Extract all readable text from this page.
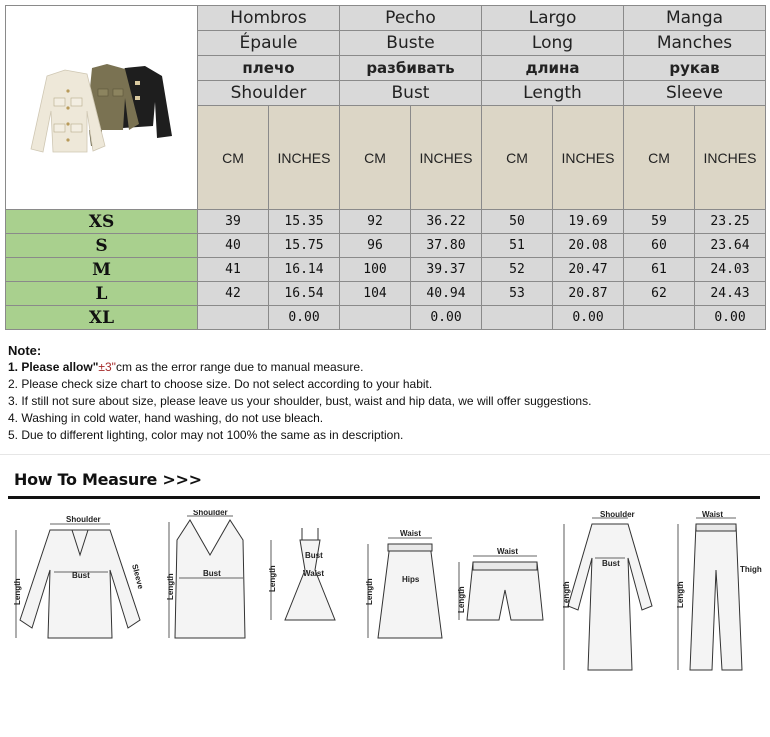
	Hombros		Pecho		Largo		Manga	
	Épaule		Buste		Long		Manches	
	плечо		разбивать		длина		рукав	
	Shoulder		Bust		Length		Sleeve	
	CM	INCHES	CM	INCHES	CM	INCHES	CM	INCHES
XS	39	15.35	92	36.22	50	19.69	59	23.25
S	40	15.75	96	37.80	51	20.08	60	23.64
M	41	16.14	100	39.37	52	20.47	61	24.03
L	42	16.54	104	40.94	53	20.87	62	24.43
XL		0.00		0.00		0.00		0.00
Note:
1. Please allow"±3"cm as the error range due to manual measure.
2. Please check size chart to choose size. Do not select according to your habit.
3. If still not sure about size, please leave us your shoulder, bust, waist and hip data, we will offer suggestions.
4. Washing in cold water, hand washing, do not use bleach.
5. Due to different lighting, color may not 100% the same as in description.
How To Measure >>>
Shoulder
Bust
Length
Sleeve
Shoulder
Bust
Length
Bust
Waist
Length
Waist
Hips
Length
Waist
Length
Shoulder
Bust
Length
Waist
Thigh
Length
